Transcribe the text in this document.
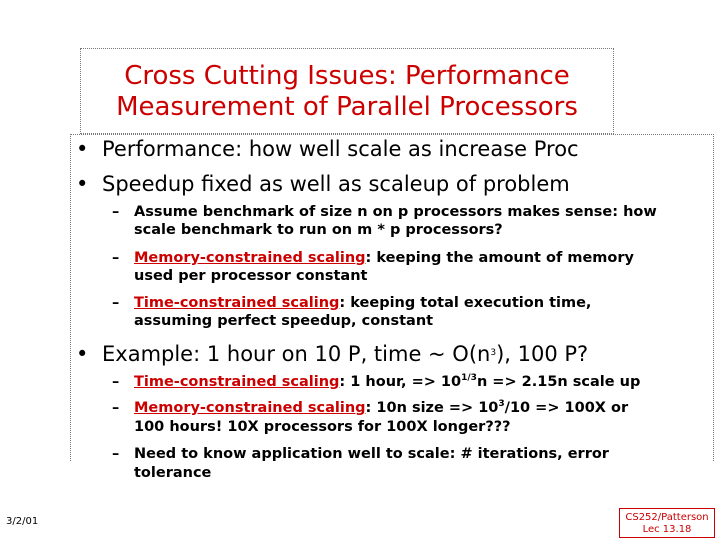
Cross Cutting Issues: Performance
Measurement of Parallel Processors
• Performance: how well scale as increase Proc
• Speedup fixed as well as scaleup of problem
– Assume benchmark of size n on p processors makes sense: how
scale benchmark to run on m * p processors?
– Memory-constrained scaling: keeping the amount of memory
used per processor constant
– Time-constrained scaling: keeping total execution time,
assuming perfect speedup, constant
• Example: 1 hour on 10 P, time ~ $O(n^3)$, 100 P?
– Time-constrained scaling: 1 hour, => $10^{1/3}n => 2.15n$ scale up
– Memory-constrained scaling: 10n size => $10^3/10 => 100X$ or
100 hours! 10X processors for 100X longer???
– Need to know application well to scale: # iterations, error
tolerance
3/2/01	CS252/Patterson
Lec 13.18
